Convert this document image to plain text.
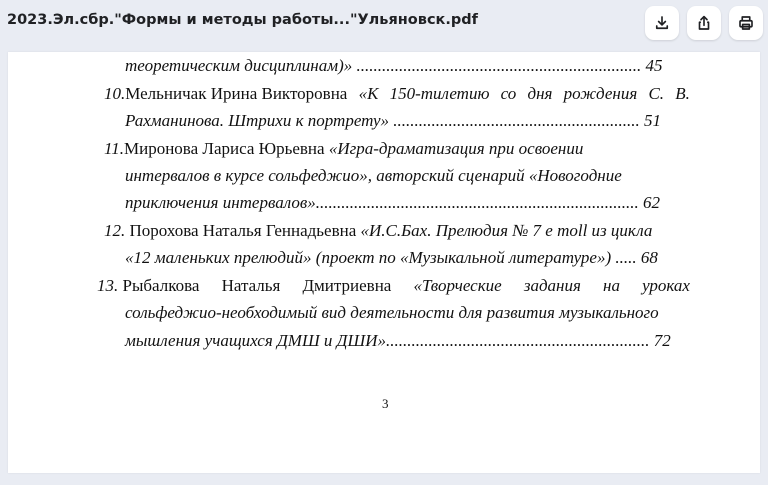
2023.Эл.сбр."Формы и методы работы..."Ульяновск.pdf
теоретическим дисциплинам)» ................................................................... 45
10.Мельничак Ирина Викторовна «К 150-тилетию со дня рождения С. В.
Рахманинова. Штрихи к портрету» .......................................................... 51
11.Миронова Лариса Юрьевна «Игра-драматизация при освоении
интервалов в курсе сольфеджио», авторский сценарий «Новогодние
приключения интервалов»............................................................................ 62
12. Порохова Наталья Геннадьевна «И.С.Бах. Прелюдия № 7 e moll из цикла
«12 маленьких прелюдий» (проект по «Музыкальной литературе») ..... 68
13. Рыбалкова Наталья Дмитриевна «Творческие задания на уроках
сольфеджио-необходимый вид деятельности для развития музыкального
мышления учащихся ДМШ и ДШИ».............................................................. 72
3
